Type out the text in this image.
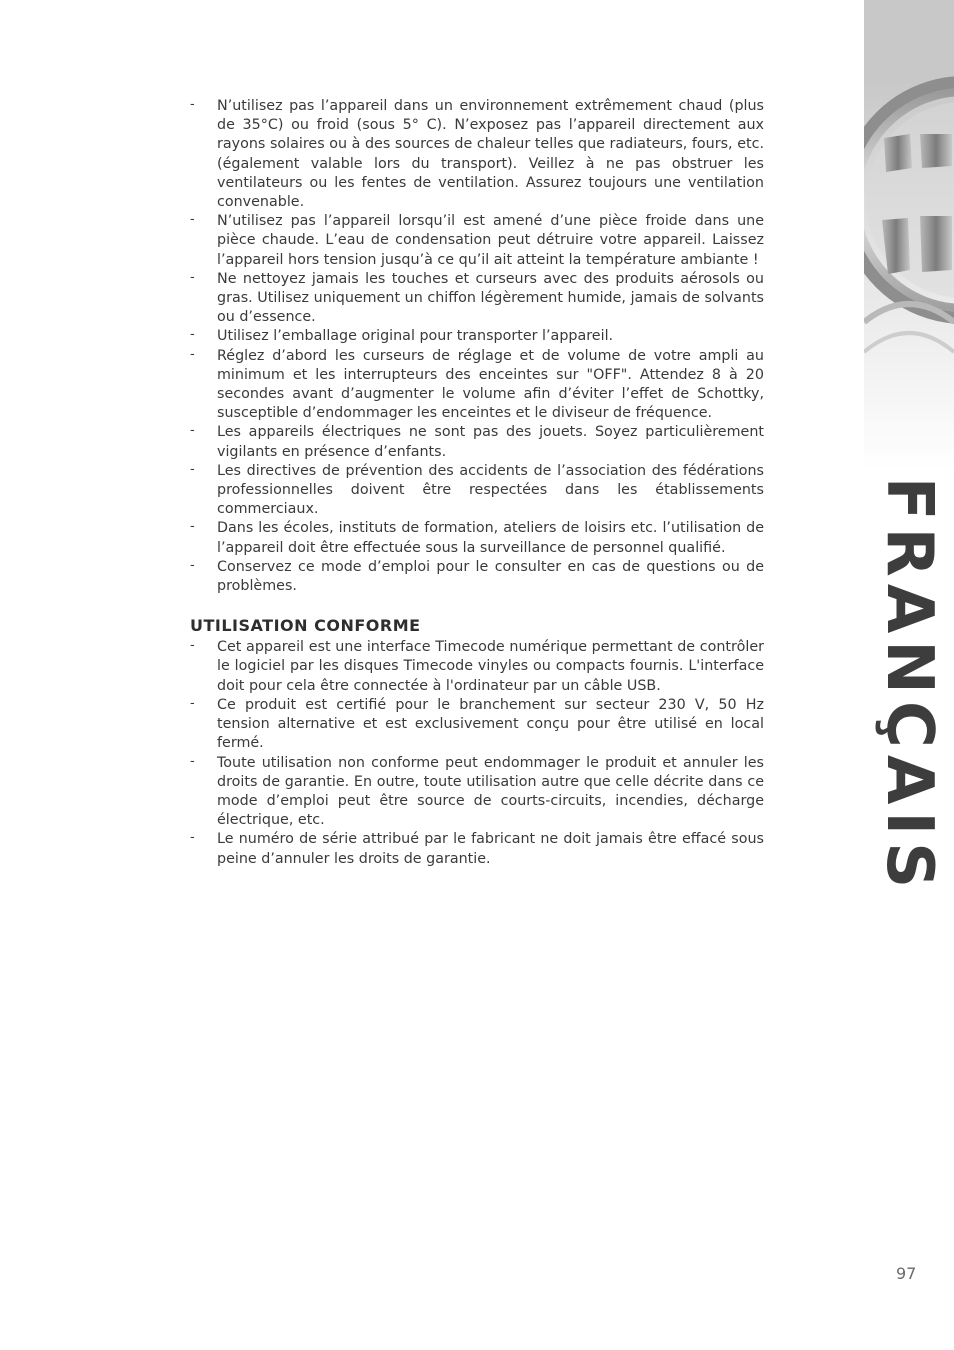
FRANÇAIS
- N’utilisez pas l’appareil dans un environnement extrêmement chaud (plus de 35°C) ou froid (sous 5° C). N’exposez pas l’appareil directement aux rayons solaires ou à des sources de chaleur telles que radiateurs, fours, etc. (également valable lors du transport). Veillez à ne pas obstruer les ventilateurs ou les fentes de ventilation. Assurez toujours une ventilation convenable.
- N’utilisez pas l’appareil lorsqu’il est amené d’une pièce froide dans une pièce chaude. L’eau de condensation peut détruire votre appareil. Laissez l’appareil hors tension jusqu’à ce qu’il ait atteint la température ambiante !
- Ne nettoyez jamais les touches et curseurs avec des produits aérosols ou gras. Utilisez uniquement un chiffon légèrement humide, jamais de solvants ou d’essence.
- Utilisez l’emballage original pour transporter l’appareil.
- Réglez d’abord les curseurs de réglage et de volume de votre ampli au minimum et les interrupteurs des enceintes sur "OFF". Attendez 8 à 20 secondes avant d’augmenter le volume afin d’éviter l’effet de Schottky, susceptible d’endommager les enceintes et le diviseur de fréquence.
- Les appareils électriques ne sont pas des jouets. Soyez particulièrement vigilants en présence d’enfants.
- Les directives de prévention des accidents de l’association des fédérations professionnelles doivent être respectées dans les établissements commerciaux.
- Dans les écoles, instituts de formation, ateliers de loisirs etc. l’utilisation de l’appareil doit être effectuée sous la surveillance de personnel qualifié.
- Conservez ce mode d’emploi pour le consulter en cas de questions ou de problèmes.
UTILISATION CONFORME
- Cet appareil est une interface Timecode numérique permettant de contrôler le logiciel par les disques Timecode vinyles ou compacts fournis. L'interface doit pour cela être connectée à l'ordinateur par un câble USB.
- Ce produit est certifié pour le branchement sur secteur 230 V, 50 Hz tension alternative et est exclusivement conçu pour être utilisé en local fermé.
- Toute utilisation non conforme peut endommager le produit et annuler les droits de garantie. En outre, toute utilisation autre que celle décrite dans ce mode d’emploi peut être source de courts-circuits, incendies, décharge électrique, etc.
- Le numéro de série attribué par le fabricant ne doit jamais être effacé sous peine d’annuler les droits de garantie.
97
